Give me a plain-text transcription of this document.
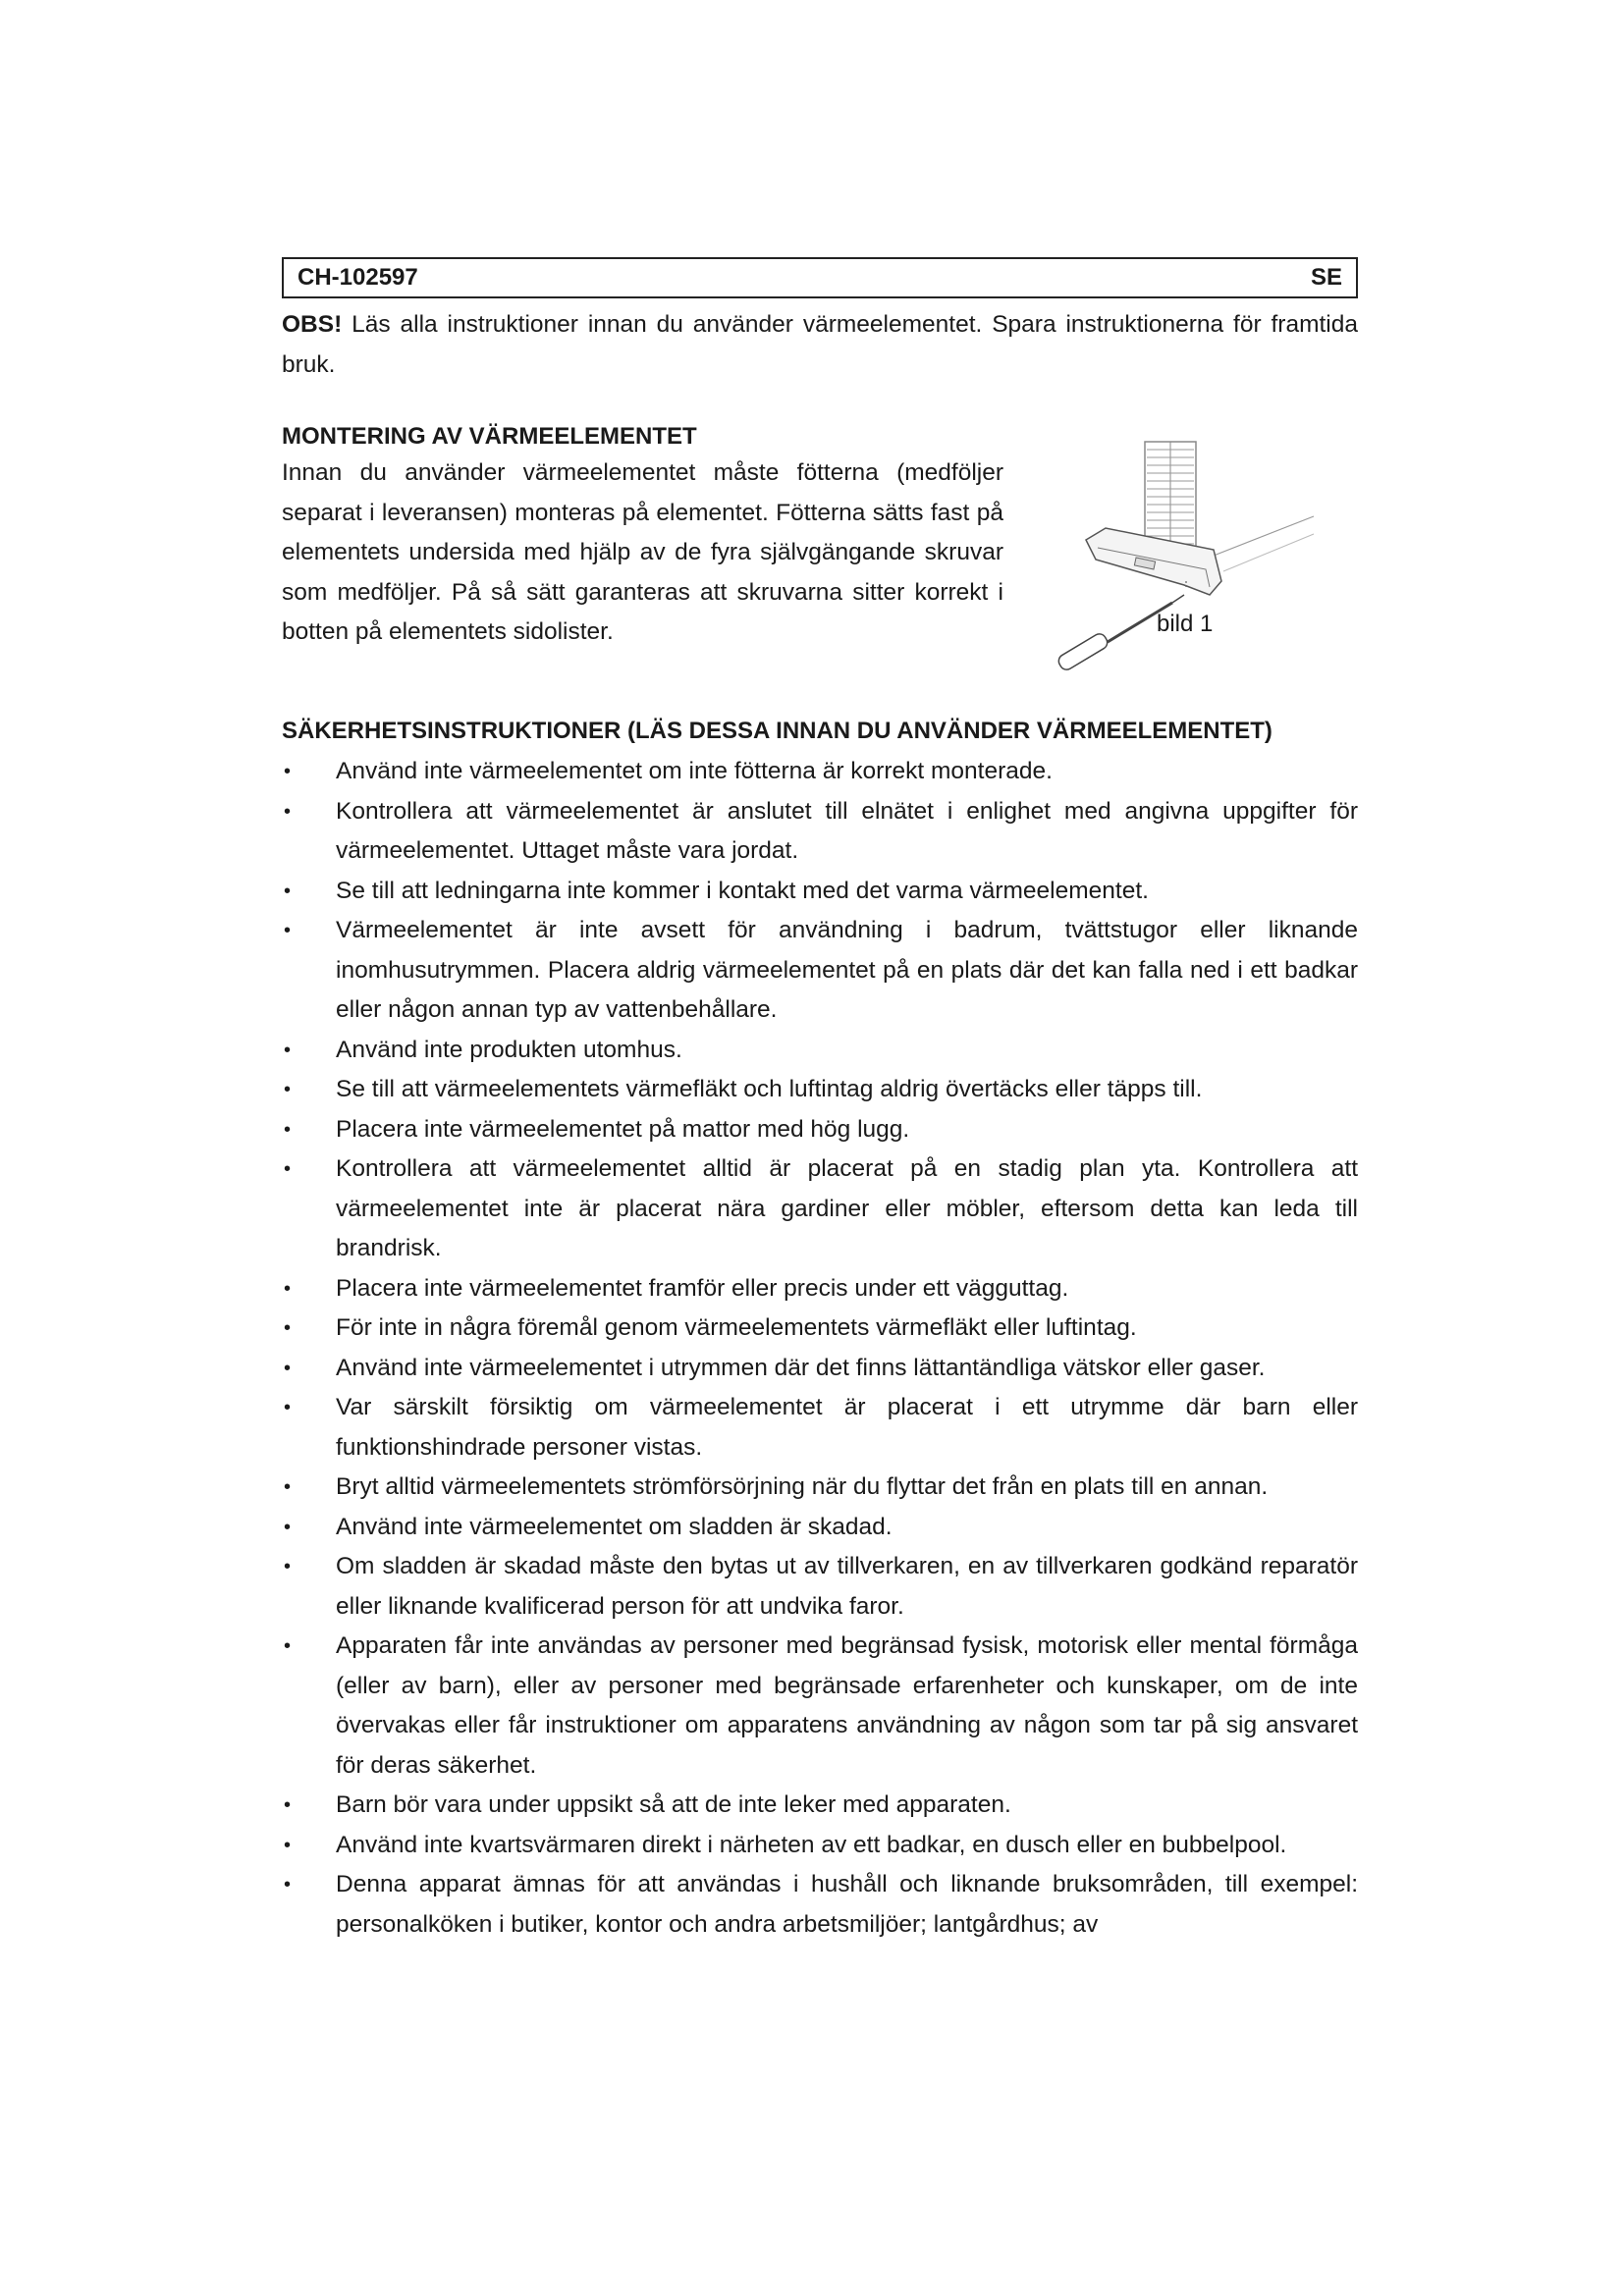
CH-102597	SE
OBS! Läs alla instruktioner innan du använder värmeelementet. Spara instruktionerna för framtida bruk.
MONTERING AV VÄRMEELEMENTET
Innan du använder värmeelementet måste fötterna (medföljer separat i leveransen) monteras på elementet. Fötterna sätts fast på elementets undersida med hjälp av de fyra självgängande skruvar som medföljer. På så sätt garanteras att skruvarna sitter korrekt i botten på elementets sidolister.	bild 1
SÄKERHETSINSTRUKTIONER (LÄS DESSA INNAN DU ANVÄNDER VÄRMEELEMENTET)
• Använd inte värmeelementet om inte fötterna är korrekt monterade.
• Kontrollera att värmeelementet är anslutet till elnätet i enlighet med angivna uppgifter för värmeelementet. Uttaget måste vara jordat.
• Se till att ledningarna inte kommer i kontakt med det varma värmeelementet.
• Värmeelementet är inte avsett för användning i badrum, tvättstugor eller liknande inomhusutrymmen. Placera aldrig värmeelementet på en plats där det kan falla ned i ett badkar eller någon annan typ av vattenbehållare.
• Använd inte produkten utomhus.
• Se till att värmeelementets värmefläkt och luftintag aldrig övertäcks eller täpps till.
• Placera inte värmeelementet på mattor med hög lugg.
• Kontrollera att värmeelementet alltid är placerat på en stadig plan yta. Kontrollera att värmeelementet inte är placerat nära gardiner eller möbler, eftersom detta kan leda till brandrisk.
• Placera inte värmeelementet framför eller precis under ett vägguttag.
• För inte in några föremål genom värmeelementets värmefläkt eller luftintag.
• Använd inte värmeelementet i utrymmen där det finns lättantändliga vätskor eller gaser.
• Var särskilt försiktig om värmeelementet är placerat i ett utrymme där barn eller funktionshindrade personer vistas.
• Bryt alltid värmeelementets strömförsörjning när du flyttar det från en plats till en annan.
• Använd inte värmeelementet om sladden är skadad.
• Om sladden är skadad måste den bytas ut av tillverkaren, en av tillverkaren godkänd reparatör eller liknande kvalificerad person för att undvika faror.
• Apparaten får inte användas av personer med begränsad fysisk, motorisk eller mental förmåga (eller av barn), eller av personer med begränsade erfarenheter och kunskaper, om de inte övervakas eller får instruktioner om apparatens användning av någon som tar på sig ansvaret för deras säkerhet.
• Barn bör vara under uppsikt så att de inte leker med apparaten.
• Använd inte kvartsvärmaren direkt i närheten av ett badkar, en dusch eller en bubbelpool.
• Denna apparat ämnas för att användas i hushåll och liknande bruksområden, till exempel: personalköken i butiker, kontor och andra arbetsmiljöer; lantgårdhus; av
